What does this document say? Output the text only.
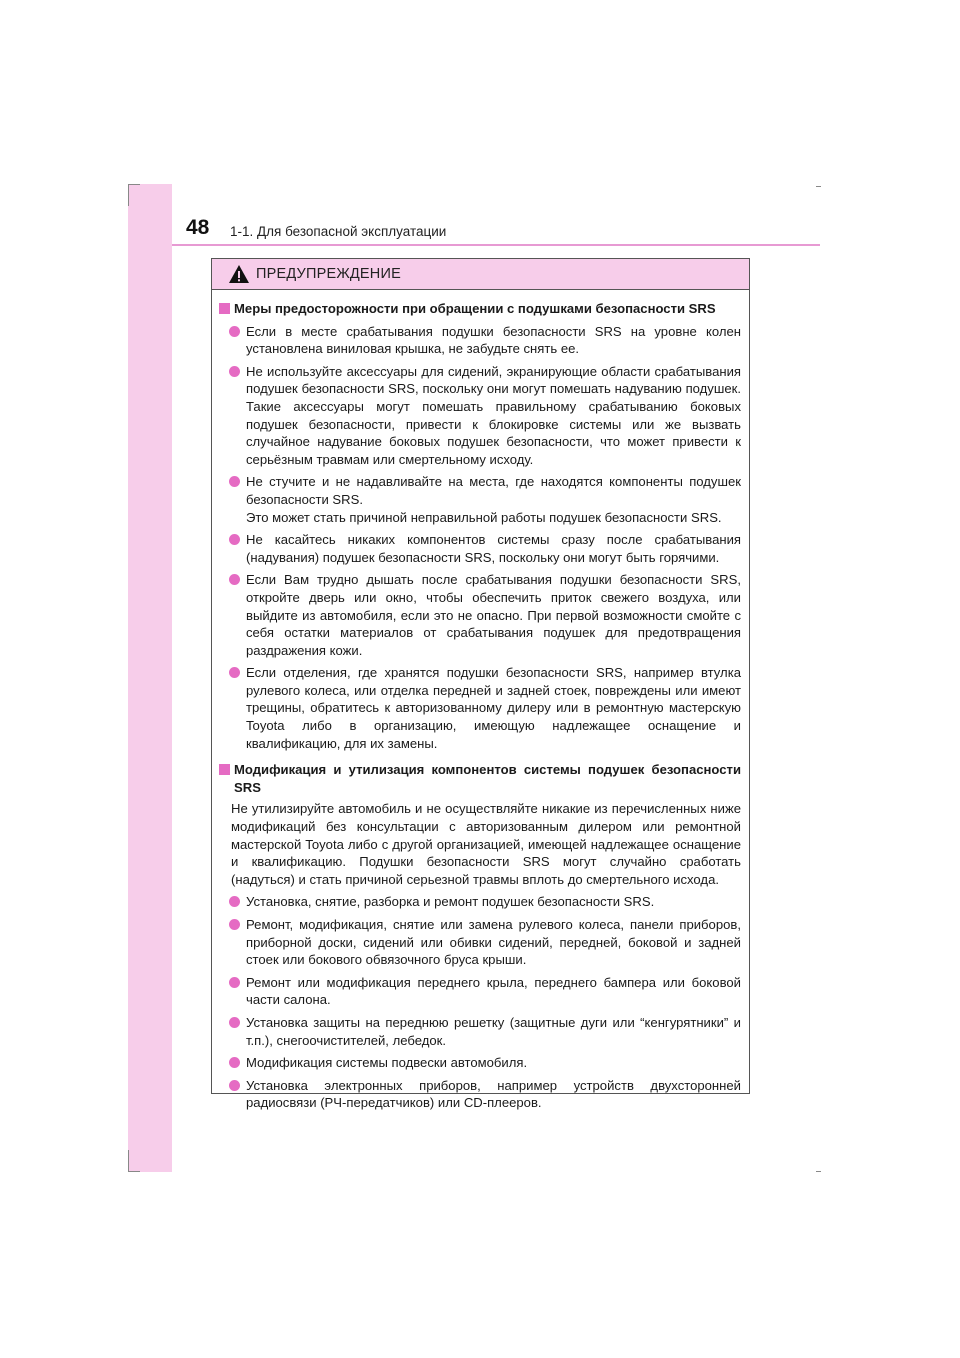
48 1-1. Для безопасной эксплуатации
ПРЕДУПРЕЖДЕНИЕ
Меры предосторожности при обращении с подушками безопасности SRS
Если в месте срабатывания подушки безопасности SRS на уровне колен установлена виниловая крышка, не забудьте снять ее.
Не используйте аксессуары для сидений, экранирующие области срабатывания подушек безопасности SRS, поскольку они могут помешать надуванию подушек. Такие аксессуары могут помешать правильному срабатыванию боковых подушек безопасности, привести к блокировке системы или же вызвать случайное надувание боковых подушек безопасности, что может привести к серьёзным травмам или смертельному исходу.
Не стучите и не надавливайте на места, где находятся компоненты подушек безопасности SRS.
Это может стать причиной неправильной работы подушек безопасности SRS.
Не касайтесь никаких компонентов системы сразу после срабатывания (надувания) подушек безопасности SRS, поскольку они могут быть горячими.
Если Вам трудно дышать после срабатывания подушки безопасности SRS, откройте дверь или окно, чтобы обеспечить приток свежего воздуха, или выйдите из автомобиля, если это не опасно. При первой возможности смойте с себя остатки материалов от срабатывания подушек для предотвращения раздражения кожи.
Если отделения, где хранятся подушки безопасности SRS, например втулка рулевого колеса, или отделка передней и задней стоек, повреждены или имеют трещины, обратитесь к авторизованному дилеру или в ремонтную мастерскую Toyota либо в организацию, имеющую надлежащее оснащение и квалификацию, для их замены.
Модификация и утилизация компонентов системы подушек безопасности SRS
Не утилизируйте автомобиль и не осуществляйте никакие из перечисленных ниже модификаций без консультации с авторизованным дилером или ремонтной мастерской Toyota либо с другой организацией, имеющей надлежащее оснащение и квалификацию. Подушки безопасности SRS могут случайно сработать (надуться) и стать причиной серьезной травмы вплоть до смертельного исхода.
Установка, снятие, разборка и ремонт подушек безопасности SRS.
Ремонт, модификация, снятие или замена рулевого колеса, панели приборов, приборной доски, сидений или обивки сидений, передней, боковой и задней стоек или бокового обвязочного бруса крыши.
Ремонт или модификация переднего крыла, переднего бампера или боковой части салона.
Установка защиты на переднюю решетку (защитные дуги или “кенгурятники” и т.п.), снегоочистителей, лебедок.
Модификация системы подвески автомобиля.
Установка электронных приборов, например устройств двухсторонней радиосвязи (РЧ-передатчиков) или CD-плееров.
